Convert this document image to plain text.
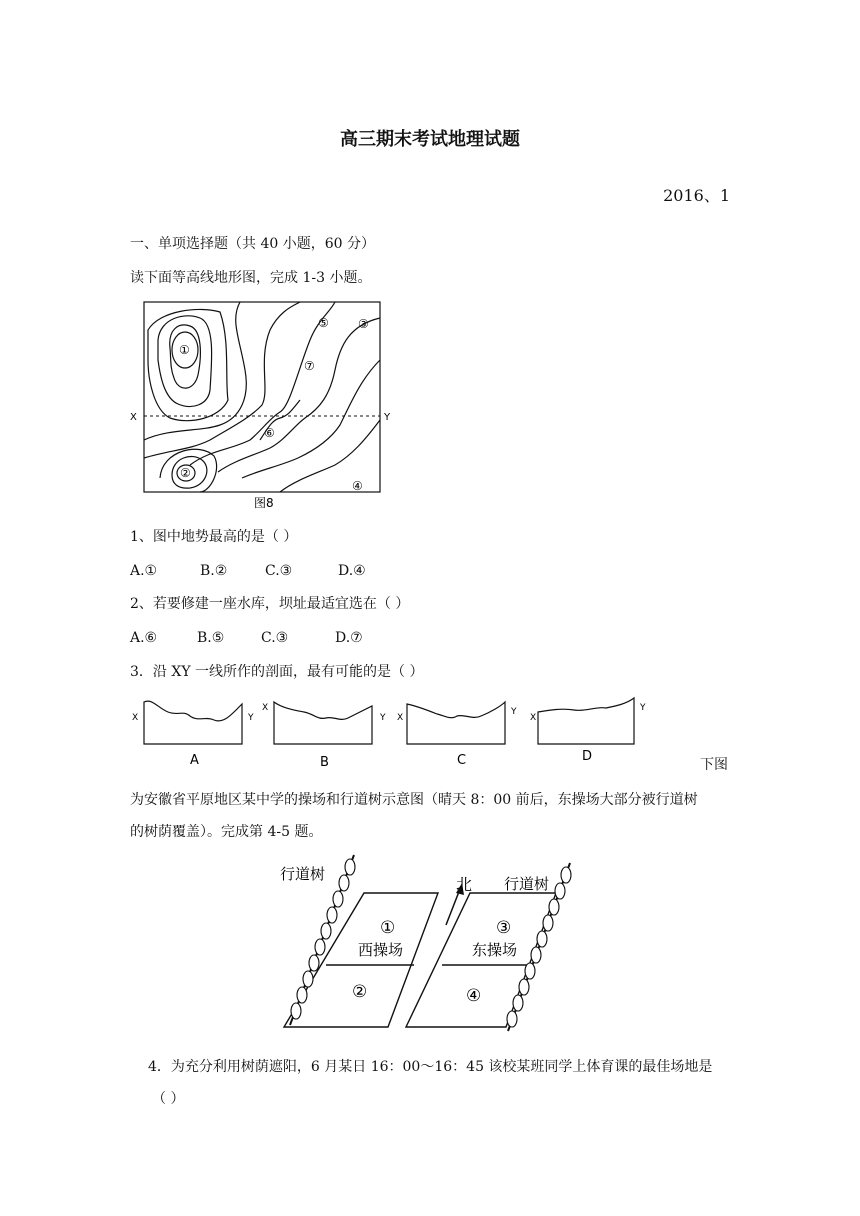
高三期末考试地理试题
2016、1
一、单项选择题（共 40 小题，60 分）
读下面等高线地形图，完成 1-3 小题。
X	Y
①
②
③
④
⑤
⑥
⑦
图8
1、图中地势最高的是（ ）
A.①	B.②	C.③	D.④
2、若要修建一座水库，坝址最适宜选在（ ）
A.⑥	B.⑤	C.③	D.⑦
3．沿 XY 一线所作的剖面，最有可能的是（ ）
X	Y
A
X
Y
B
X
Y
C
X
Y
D
下图
为安徽省平原地区某中学的操场和行道树示意图（晴天 8：00 前后，东操场大部分被行道树
的树荫覆盖）。完成第 4-5 题。
北
行道树
行道树
西操场	东操场
①
②
③
④
4．为充分利用树荫遮阳，6 月某日 16：00～16：45 该校某班同学上体育课的最佳场地是
（ ）
